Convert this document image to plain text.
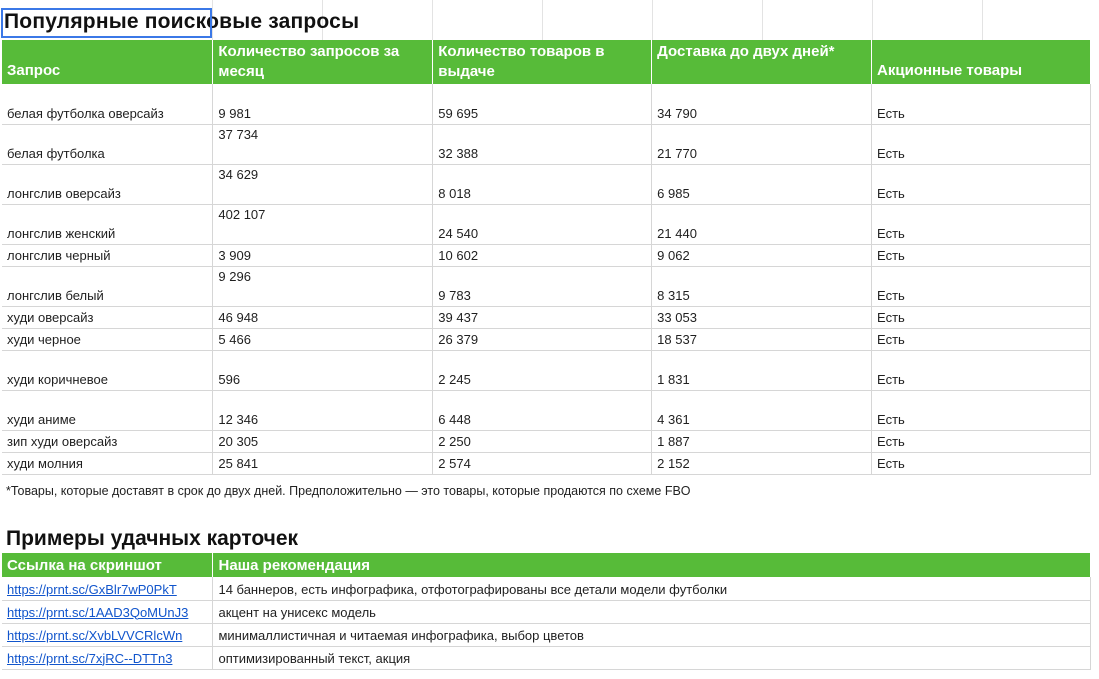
Популярные поисковые запросы
Запрос	Количество запросов за месяц	Количество товаров в выдаче	Доставка до двух дней*	Акционные товары
белая футболка оверсайз	9 981	59 695	34 790	Есть
белая футболка	37 734	32 388	21 770	Есть
лонгслив оверсайз	34 629	8 018	6 985	Есть
лонгслив женский	402 107	24 540	21 440	Есть
лонгслив черный	3 909	10 602	9 062	Есть
лонгслив белый	9 296	9 783	8 315	Есть
худи оверсайз	46 948	39 437	33 053	Есть
худи черное	5 466	26 379	18 537	Есть
худи коричневое	596	2 245	1 831	Есть
худи аниме	12 346	6 448	4 361	Есть
зип худи оверсайз	20 305	2 250	1 887	Есть
худи молния	25 841	2 574	2 152	Есть
*Товары, которые доставят в срок до двух дней. Предположительно — это товары, которые продаются по схеме FBO
Примеры удачных карточек
Ссылка на скриншот	Наша рекомендация
https://prnt.sc/GxBlr7wP0PkT	14 баннеров, есть инфографика, отфотографированы все детали модели футболки
https://prnt.sc/1AAD3QoMUnJ3	акцент на унисекс модель
https://prnt.sc/XvbLVVCRlcWn	минималлистичная и читаемая инфографика, выбор цветов
https://prnt.sc/7xjRC--DTTn3	оптимизированный текст, акция
